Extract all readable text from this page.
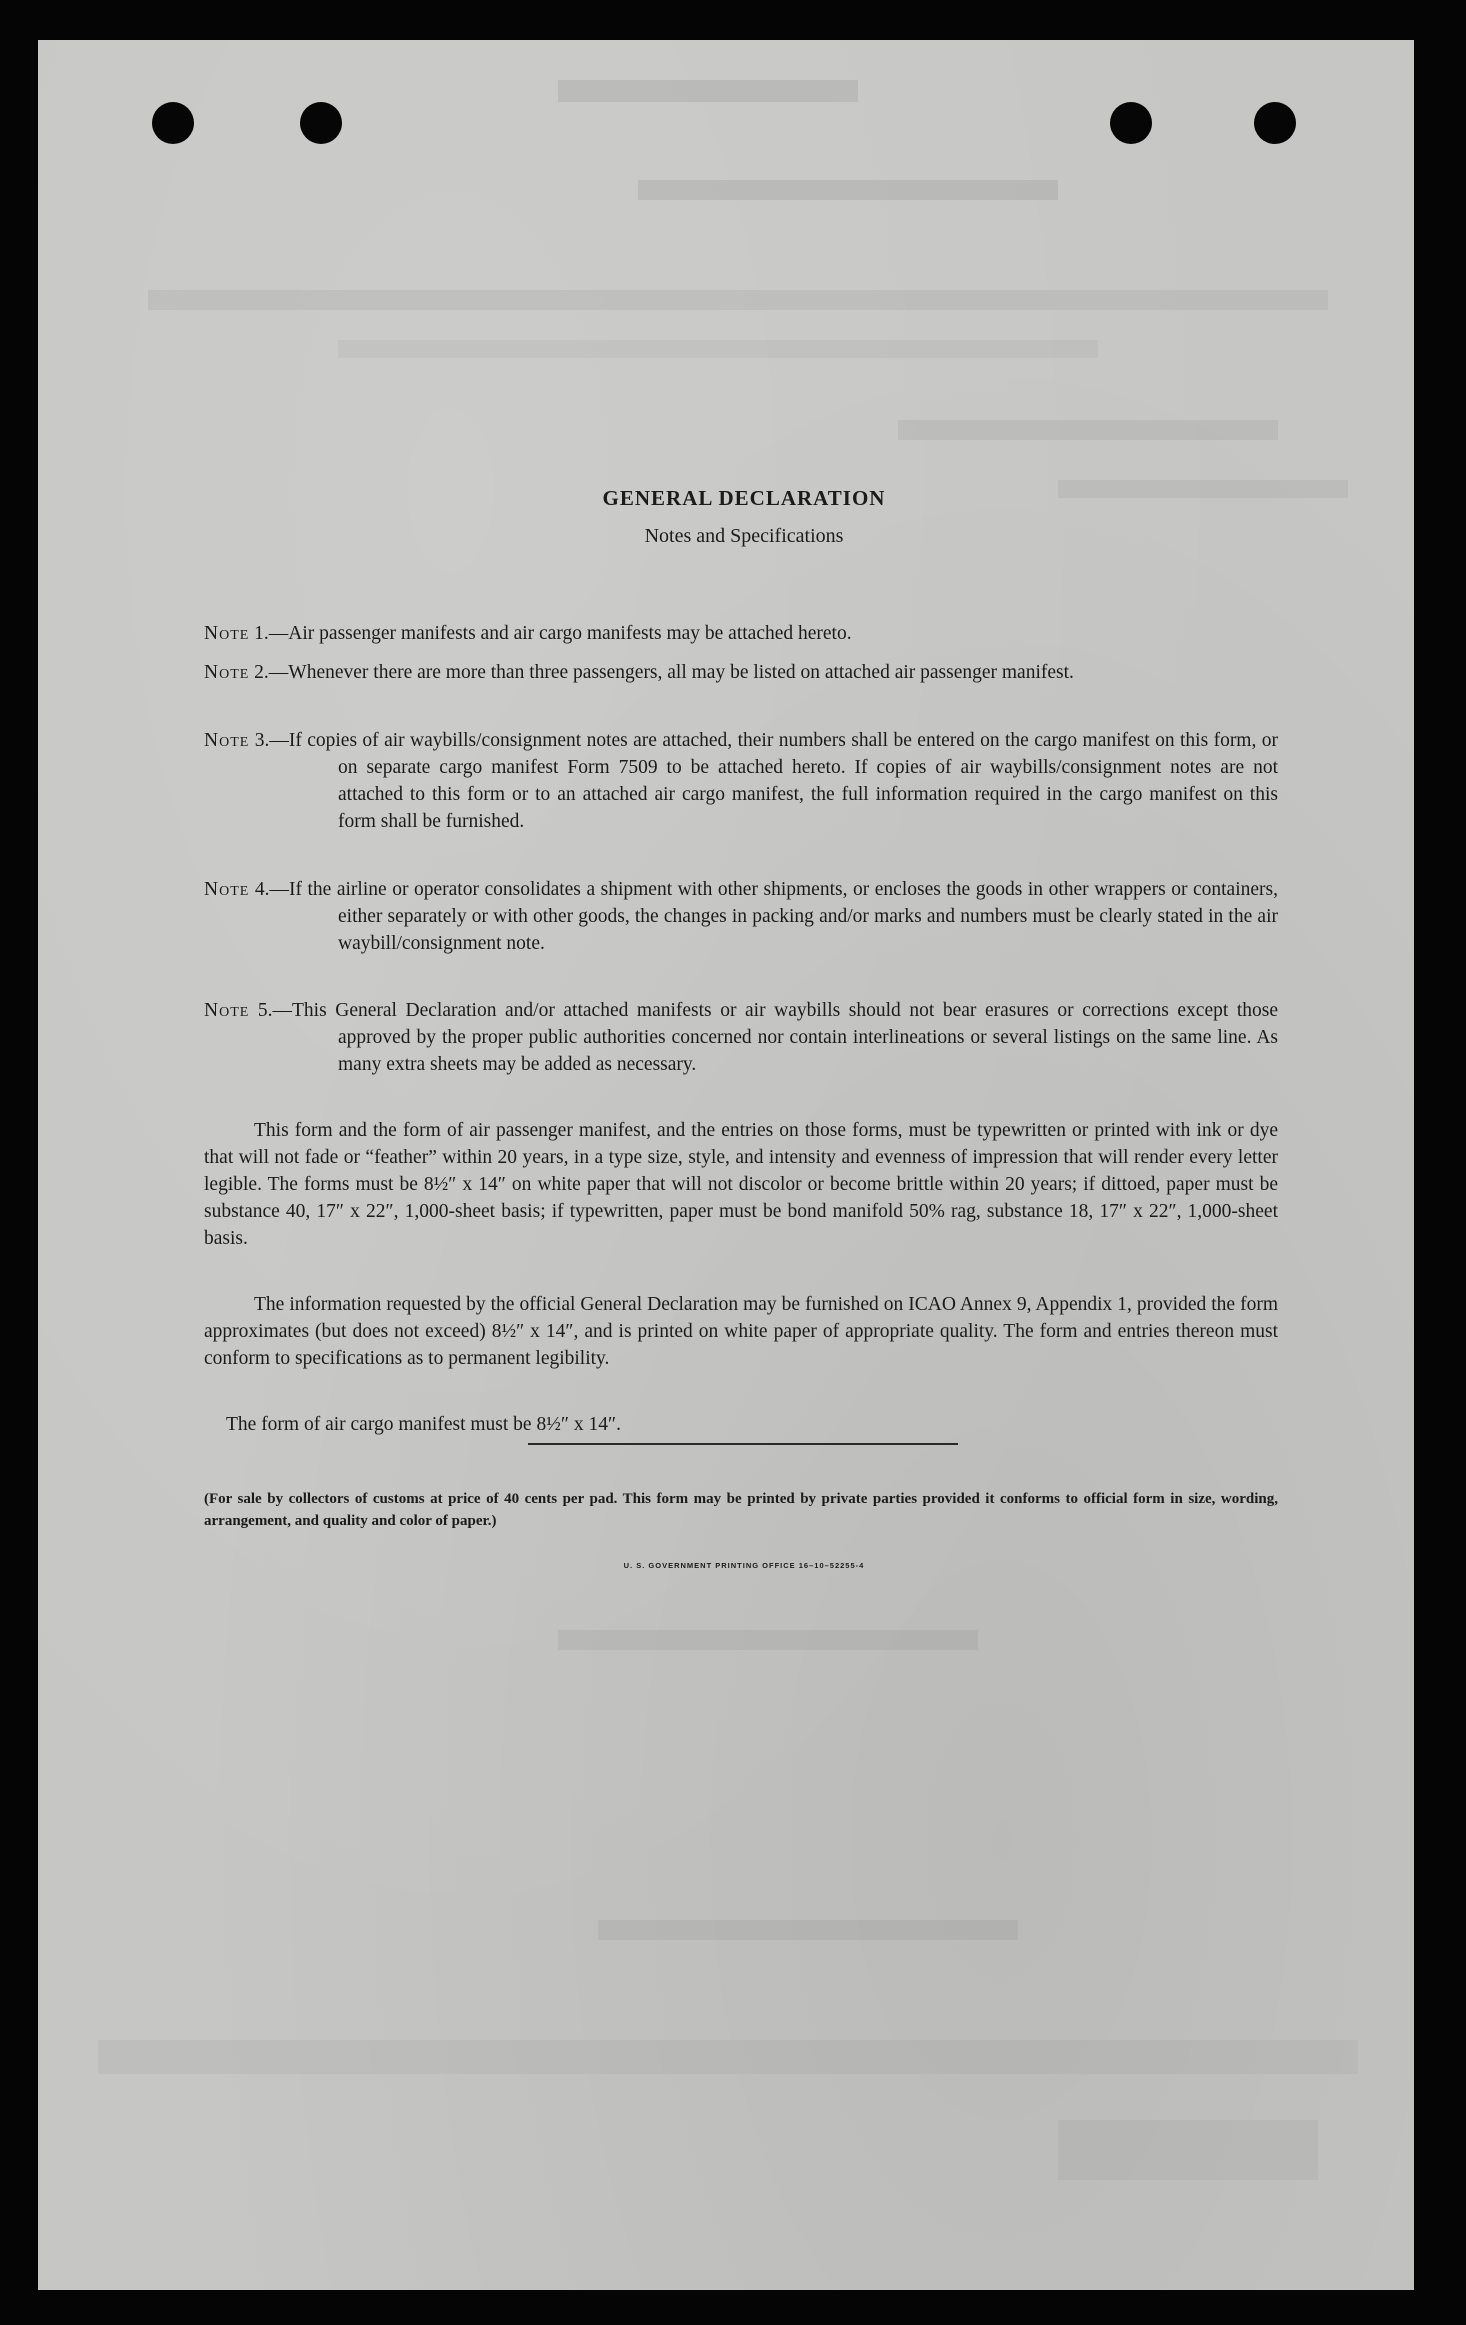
GENERAL DECLARATION
Notes and Specifications
Note 1.—Air passenger manifests and air cargo manifests may be attached hereto.
Note 2.—Whenever there are more than three passengers, all may be listed on attached air passenger manifest.
Note 3.—If copies of air waybills/consignment notes are attached, their numbers shall be entered on the cargo manifest on this form, or on separate cargo manifest Form 7509 to be attached hereto. If copies of air waybills/consignment notes are not attached to this form or to an attached air cargo manifest, the full information required in the cargo manifest on this form shall be furnished.
Note 4.—If the airline or operator consolidates a shipment with other shipments, or encloses the goods in other wrappers or containers, either separately or with other goods, the changes in packing and/or marks and numbers must be clearly stated in the air waybill/consignment note.
Note 5.—This General Declaration and/or attached manifests or air waybills should not bear erasures or corrections except those approved by the proper public authorities concerned nor contain interlineations or several listings on the same line. As many extra sheets may be added as necessary.
This form and the form of air passenger manifest, and the entries on those forms, must be typewritten or printed with ink or dye that will not fade or “feather” within 20 years, in a type size, style, and intensity and evenness of impression that will render every letter legible. The forms must be 8½″ x 14″ on white paper that will not discolor or become brittle within 20 years; if dittoed, paper must be substance 40, 17″ x 22″, 1,000-sheet basis; if typewritten, paper must be bond manifold 50% rag, substance 18, 17″ x 22″, 1,000-sheet basis.
The information requested by the official General Declaration may be furnished on ICAO Annex 9, Appendix 1, provided the form approximates (but does not exceed) 8½″ x 14″, and is printed on white paper of appropriate quality. The form and entries thereon must conform to specifications as to permanent legibility.
The form of air cargo manifest must be 8½″ x 14″.
(For sale by collectors of customs at price of 40 cents per pad. This form may be printed by private parties provided it conforms to official form in size, wording, arrangement, and quality and color of paper.)
U. S. GOVERNMENT PRINTING OFFICE 16–10–52255-4
